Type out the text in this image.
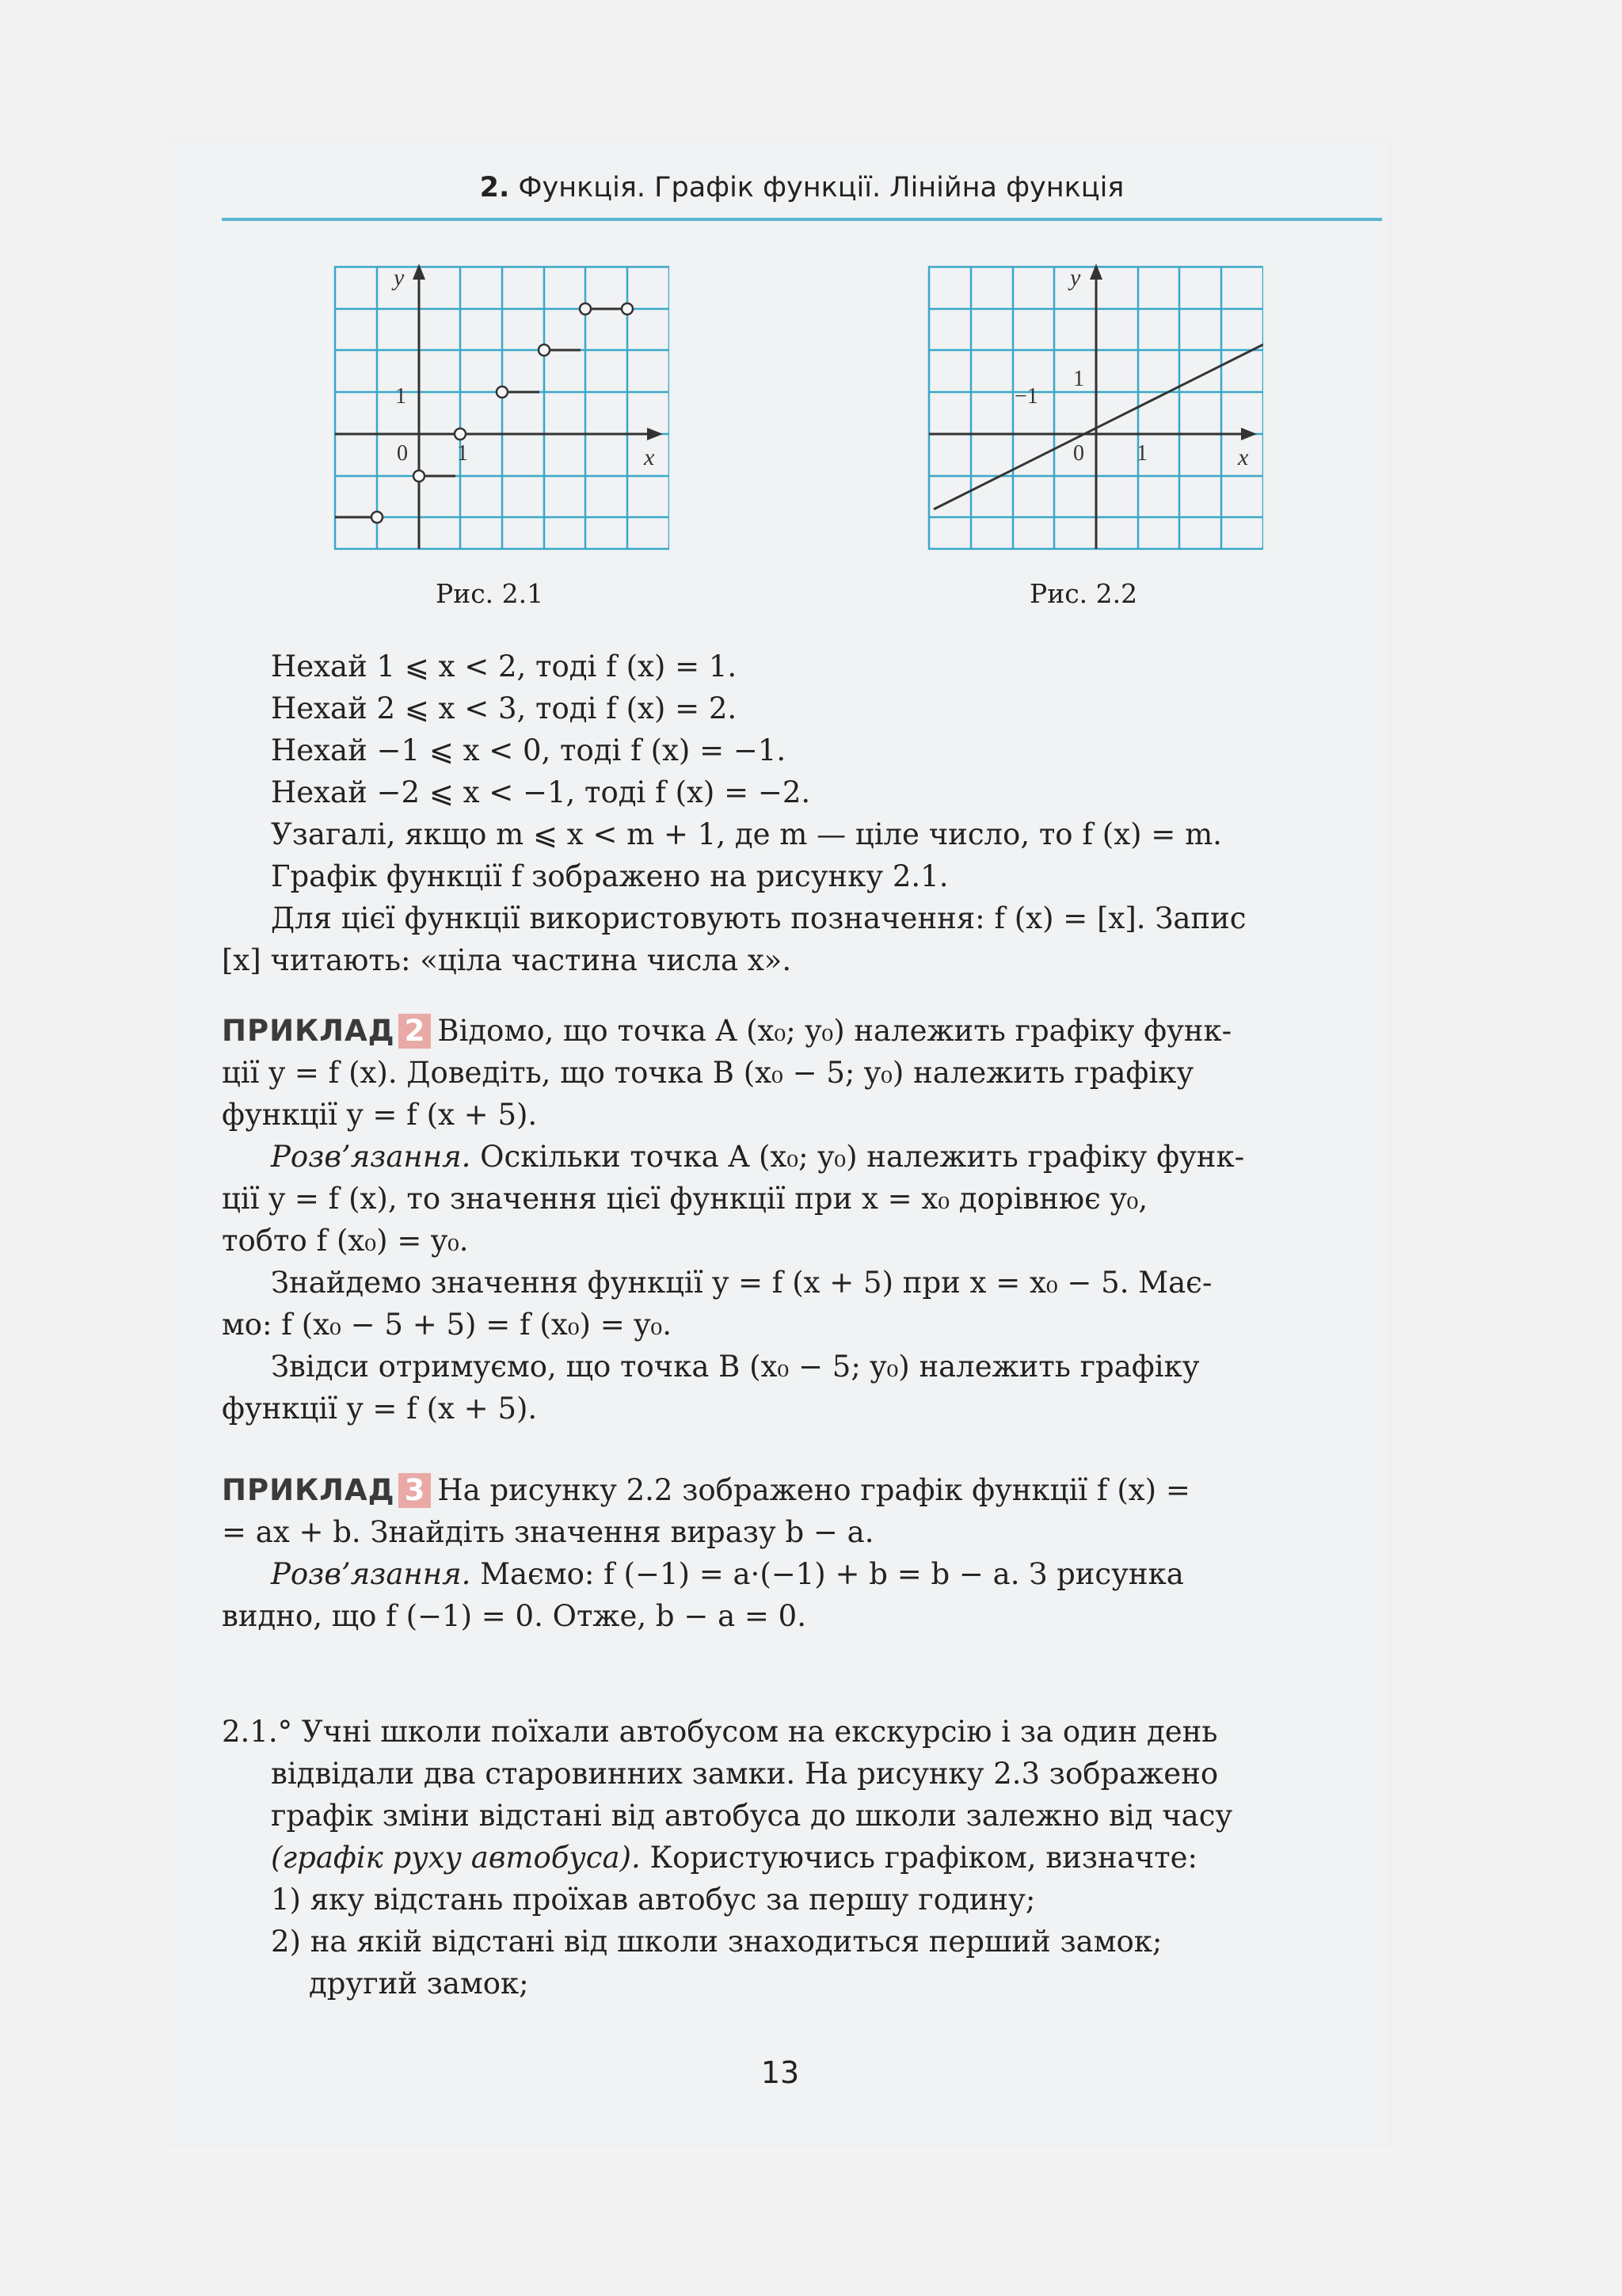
2. Функція. Графік функції. Лінійна функція
y
x
1
0 1
Рис. 2.1
y
x
1
−1
0 1
Рис. 2.2
Нехай 1 ⩽ x < 2, тоді f (x) = 1.
Нехай 2 ⩽ x < 3, тоді f (x) = 2.
Нехай −1 ⩽ x < 0, тоді f (x) = −1.
Нехай −2 ⩽ x < −1, тоді f (x) = −2.
Узагалі, якщо m ⩽ x < m + 1, де m — ціле число, то f (x) = m.
Графік функції f зображено на рисунку 2.1.
Для цієї функції використовують позначення: f (x) = [x]. Запис
[x] читають: «ціла частина числа x».
ПРИКЛАД 2 Відомо, що точка A (x₀; y₀) належить графіку функ-
ції y = f (x). Доведіть, що точка B (x₀ − 5; y₀) належить графіку
функції y = f (x + 5).
Розв’язання. Оскільки точка A (x₀; y₀) належить графіку функ-
ції y = f (x), то значення цієї функції при x = x₀ дорівнює y₀,
тобто f (x₀) = y₀.
Знайдемо значення функції y = f (x + 5) при x = x₀ − 5. Має-
мо: f (x₀ − 5 + 5) = f (x₀) = y₀.
Звідси отримуємо, що точка B (x₀ − 5; y₀) належить графіку
функції y = f (x + 5).
ПРИКЛАД 3 На рисунку 2.2 зображено графік функції f (x) =
= ax + b. Знайдіть значення виразу b − a.
Розв’язання. Маємо: f (−1) = a·(−1) + b = b − a. З рисунка
видно, що f (−1) = 0. Отже, b − a = 0.
2.1.° Учні школи поїхали автобусом на екскурсію і за один день
відвідали два старовинних замки. На рисунку 2.3 зображено
графік зміни відстані від автобуса до школи залежно від часу
(графік руху автобуса). Користуючись графіком, визначте:
1) яку відстань проїхав автобус за першу годину;
2) на якій відстані від школи знаходиться перший замок;
другий замок;
13
